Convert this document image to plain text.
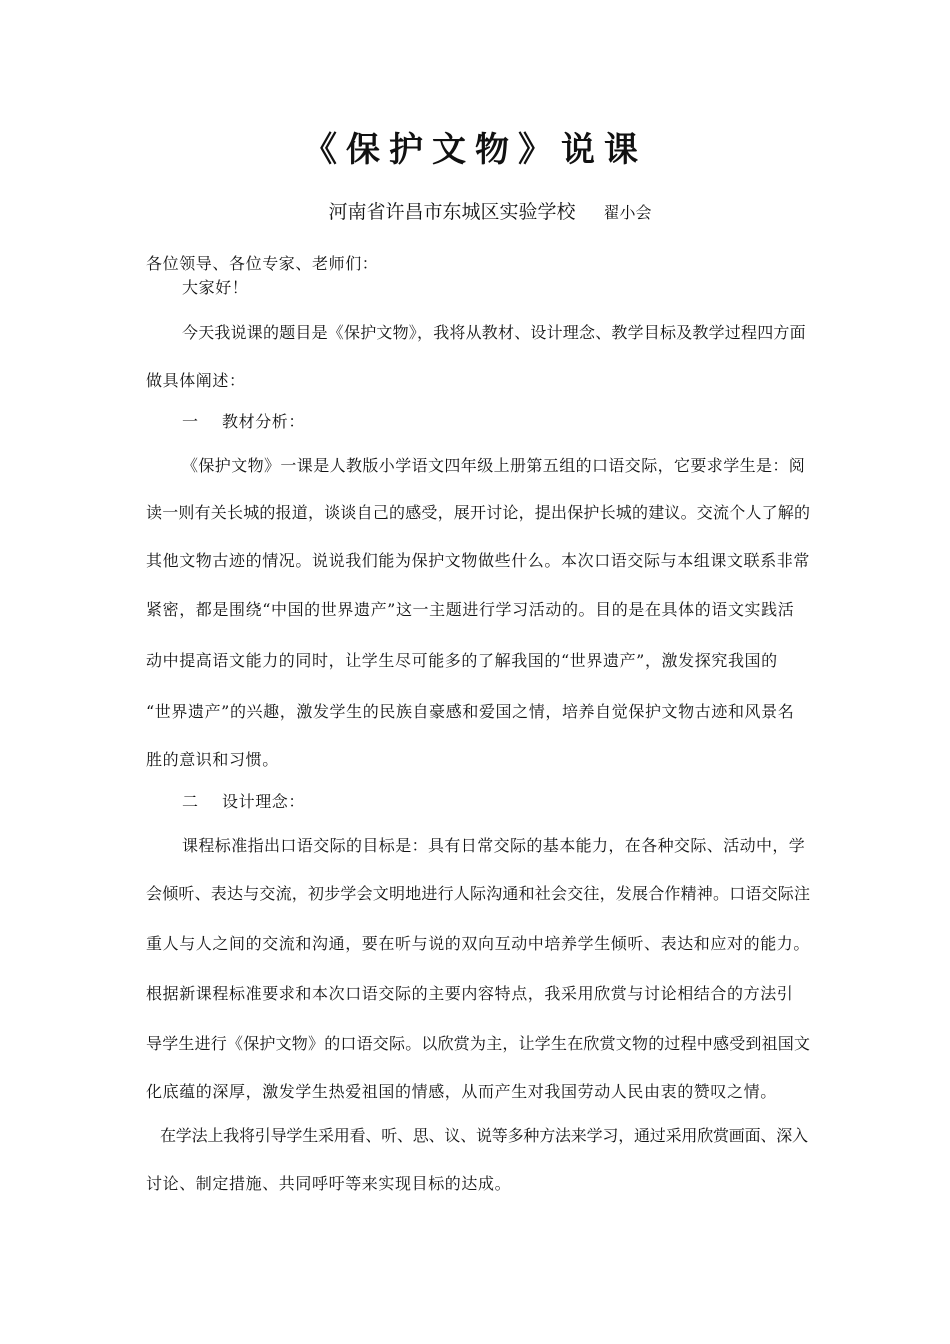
《保护文物》说课
河南省许昌市东城区实验学校 翟小会
各位领导、各位专家、老师们：
大家好！
今天我说课的题目是《保护文物》，我将从教材、设计理念、教学目标及教学过程四方面
做具体阐述：
一 教材分析：
《保护文物》一课是人教版小学语文四年级上册第五组的口语交际，它要求学生是：阅
读一则有关长城的报道，谈谈自己的感受，展开讨论，提出保护长城的建议。交流个人了解的
其他文物古迹的情况。说说我们能为保护文物做些什么。本次口语交际与本组课文联系非常
紧密，都是围绕“中国的世界遗产”这一主题进行学习活动的。目的是在具体的语文实践活
动中提高语文能力的同时，让学生尽可能多的了解我国的“世界遗产”，激发探究我国的
“世界遗产”的兴趣，激发学生的民族自豪感和爱国之情，培养自觉保护文物古迹和风景名
胜的意识和习惯。
二 设计理念：
课程标准指出口语交际的目标是：具有日常交际的基本能力，在各种交际、活动中，学
会倾听、表达与交流，初步学会文明地进行人际沟通和社会交往，发展合作精神。口语交际注
重人与人之间的交流和沟通，要在听与说的双向互动中培养学生倾听、表达和应对的能力。
根据新课程标准要求和本次口语交际的主要内容特点，我采用欣赏与讨论相结合的方法引
导学生进行《保护文物》的口语交际。以欣赏为主，让学生在欣赏文物的过程中感受到祖国文
化底蕴的深厚，激发学生热爱祖国的情感，从而产生对我国劳动人民由衷的赞叹之情。
在学法上我将引导学生采用看、听、思、议、说等多种方法来学习，通过采用欣赏画面、深入
讨论、制定措施、共同呼吁等来实现目标的达成。
